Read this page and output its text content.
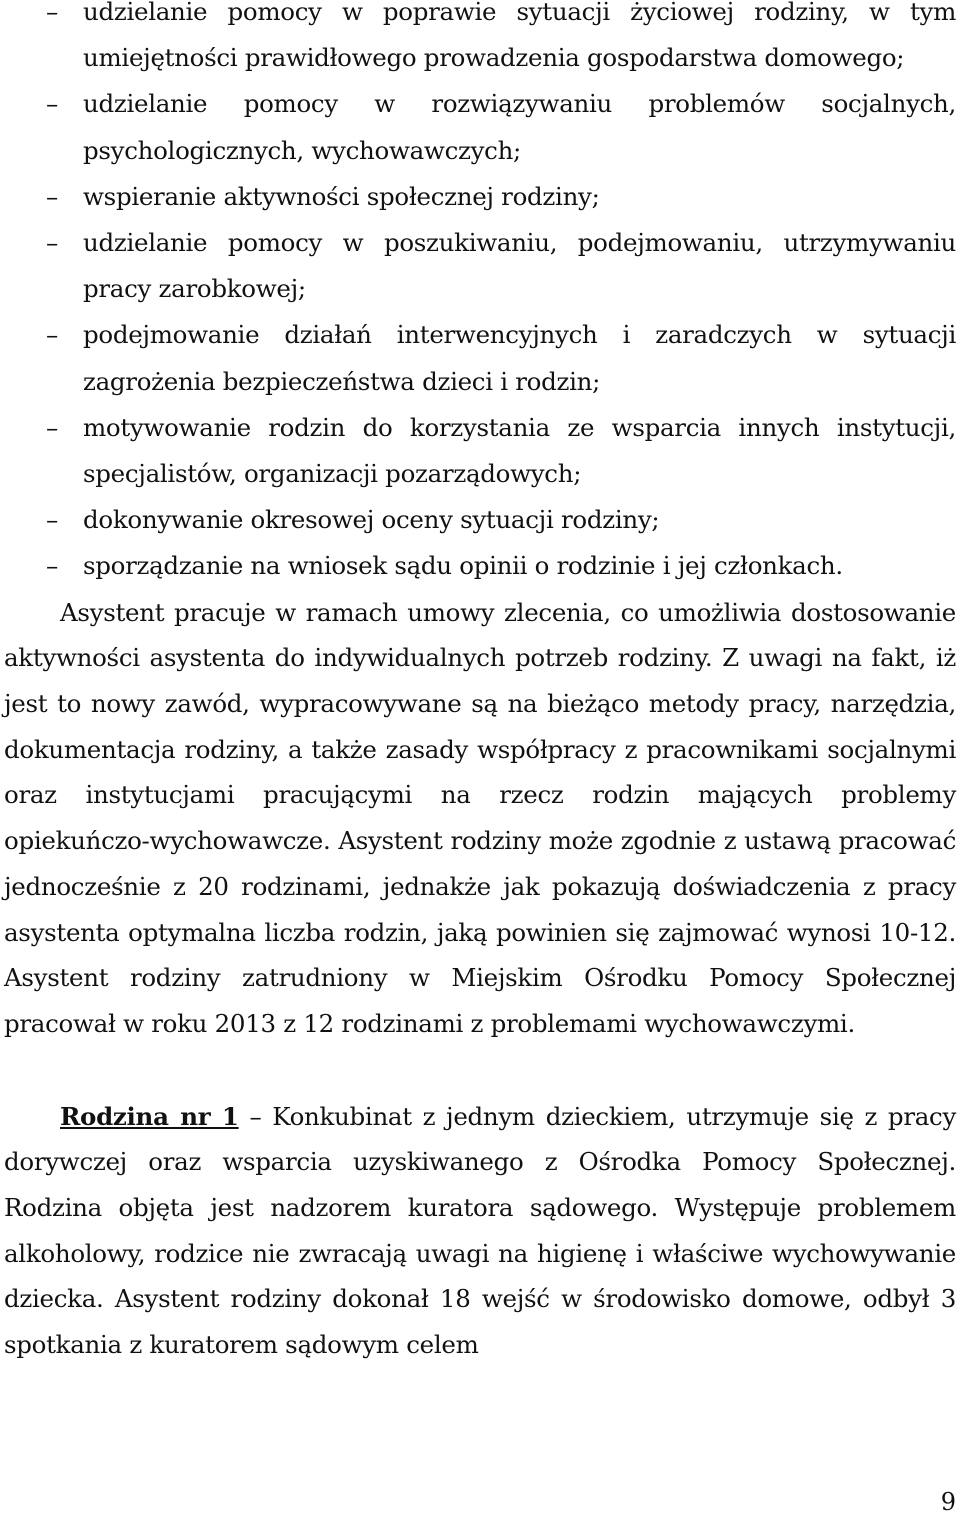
– udzielanie pomocy w poprawie sytuacji życiowej rodziny, w tym umiejętności prawidłowego prowadzenia gospodarstwa domowego;
– udzielanie pomocy w rozwiązywaniu problemów socjalnych, psychologicznych, wychowawczych;
– wspieranie aktywności społecznej rodziny;
– udzielanie pomocy w poszukiwaniu, podejmowaniu, utrzymywaniu pracy zarobkowej;
– podejmowanie działań interwencyjnych i zaradczych w sytuacji zagrożenia bezpieczeństwa dzieci i rodzin;
– motywowanie rodzin do korzystania ze wsparcia innych instytucji, specjalistów, organizacji pozarządowych;
– dokonywanie okresowej oceny sytuacji rodziny;
– sporządzanie na wniosek sądu opinii o rodzinie i jej członkach.

Asystent pracuje w ramach umowy zlecenia, co umożliwia dostosowanie aktywności asystenta do indywidualnych potrzeb rodziny. Z uwagi na fakt, iż jest to nowy zawód, wypracowywane są na bieżąco metody pracy, narzędzia, dokumentacja rodziny, a także zasady współpracy z pracownikami socjalnymi oraz instytucjami pracującymi na rzecz rodzin mających problemy opiekuńczo-wychowawcze. Asystent rodziny może zgodnie z ustawą pracować jednocześnie z 20 rodzinami, jednakże jak pokazują doświadczenia z pracy asystenta optymalna liczba rodzin, jaką powinien się zajmować wynosi 10-12. Asystent rodziny zatrudniony w Miejskim Ośrodku Pomocy Społecznej pracował w roku 2013 z 12 rodzinami z problemami wychowawczymi.

Rodzina nr 1 – Konkubinat z jednym dzieckiem, utrzymuje się z pracy dorywczej oraz wsparcia uzyskiwanego z Ośrodka Pomocy Społecznej. Rodzina objęta jest nadzorem kuratora sądowego. Występuje problemem alkoholowy, rodzice nie zwracają uwagi na higienę i właściwe wychowywanie dziecka. Asystent rodziny dokonał 18 wejść w środowisko domowe, odbył 3 spotkania z kuratorem sądowym celem

9
